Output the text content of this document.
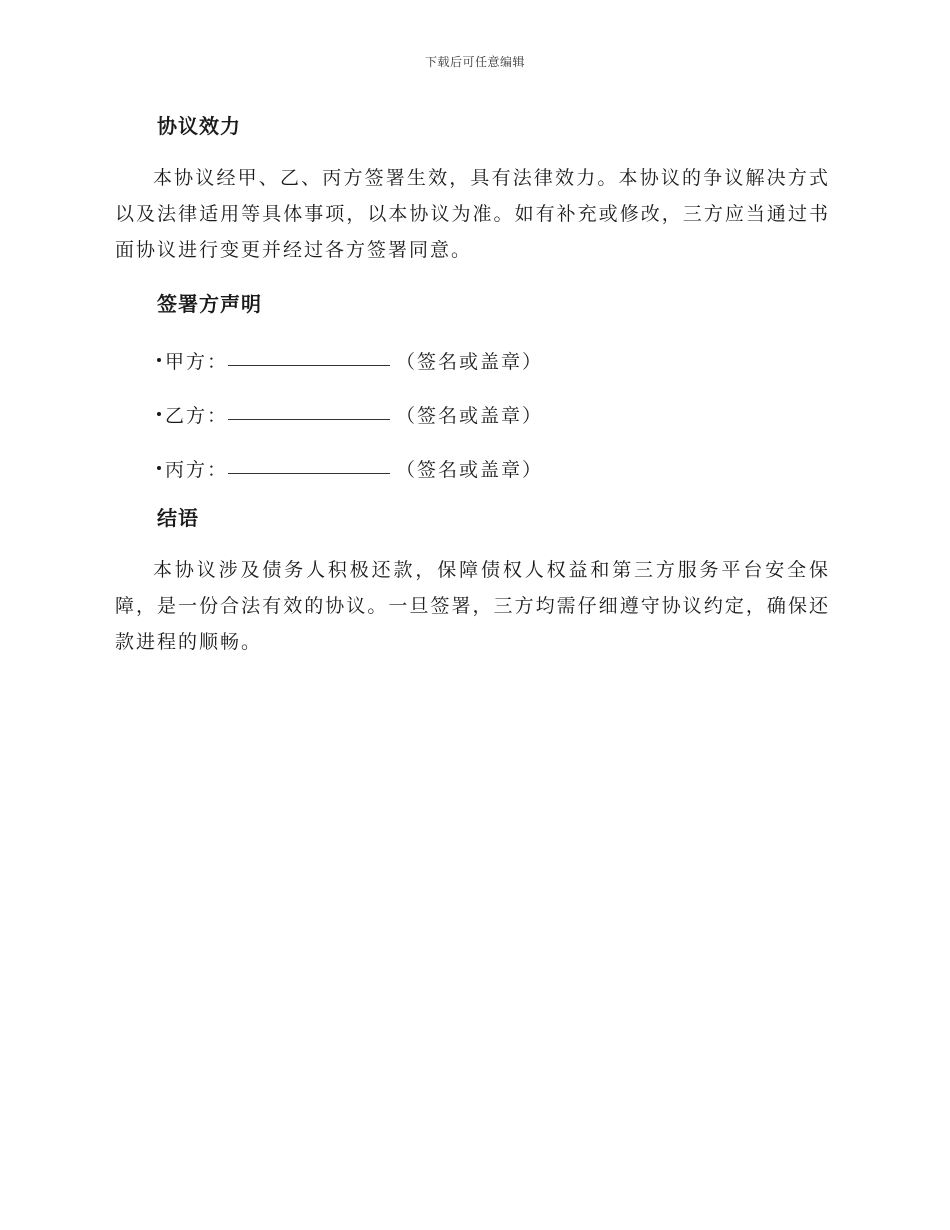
下载后可任意编辑
协议效力

本协议经甲、乙、丙方签署生效，具有法律效力。本协议的争议解决方式以及法律适用等具体事项，以本协议为准。如有补充或修改，三方应当通过书面协议进行变更并经过各方签署同意。

签署方声明
甲方：	（签名或盖章）
乙方：	（签名或盖章）
丙方：	（签名或盖章）
结语

本协议涉及债务人积极还款，保障债权人权益和第三方服务平台安全保障，是一份合法有效的协议。一旦签署，三方均需仔细遵守协议约定，确保还款进程的顺畅。
